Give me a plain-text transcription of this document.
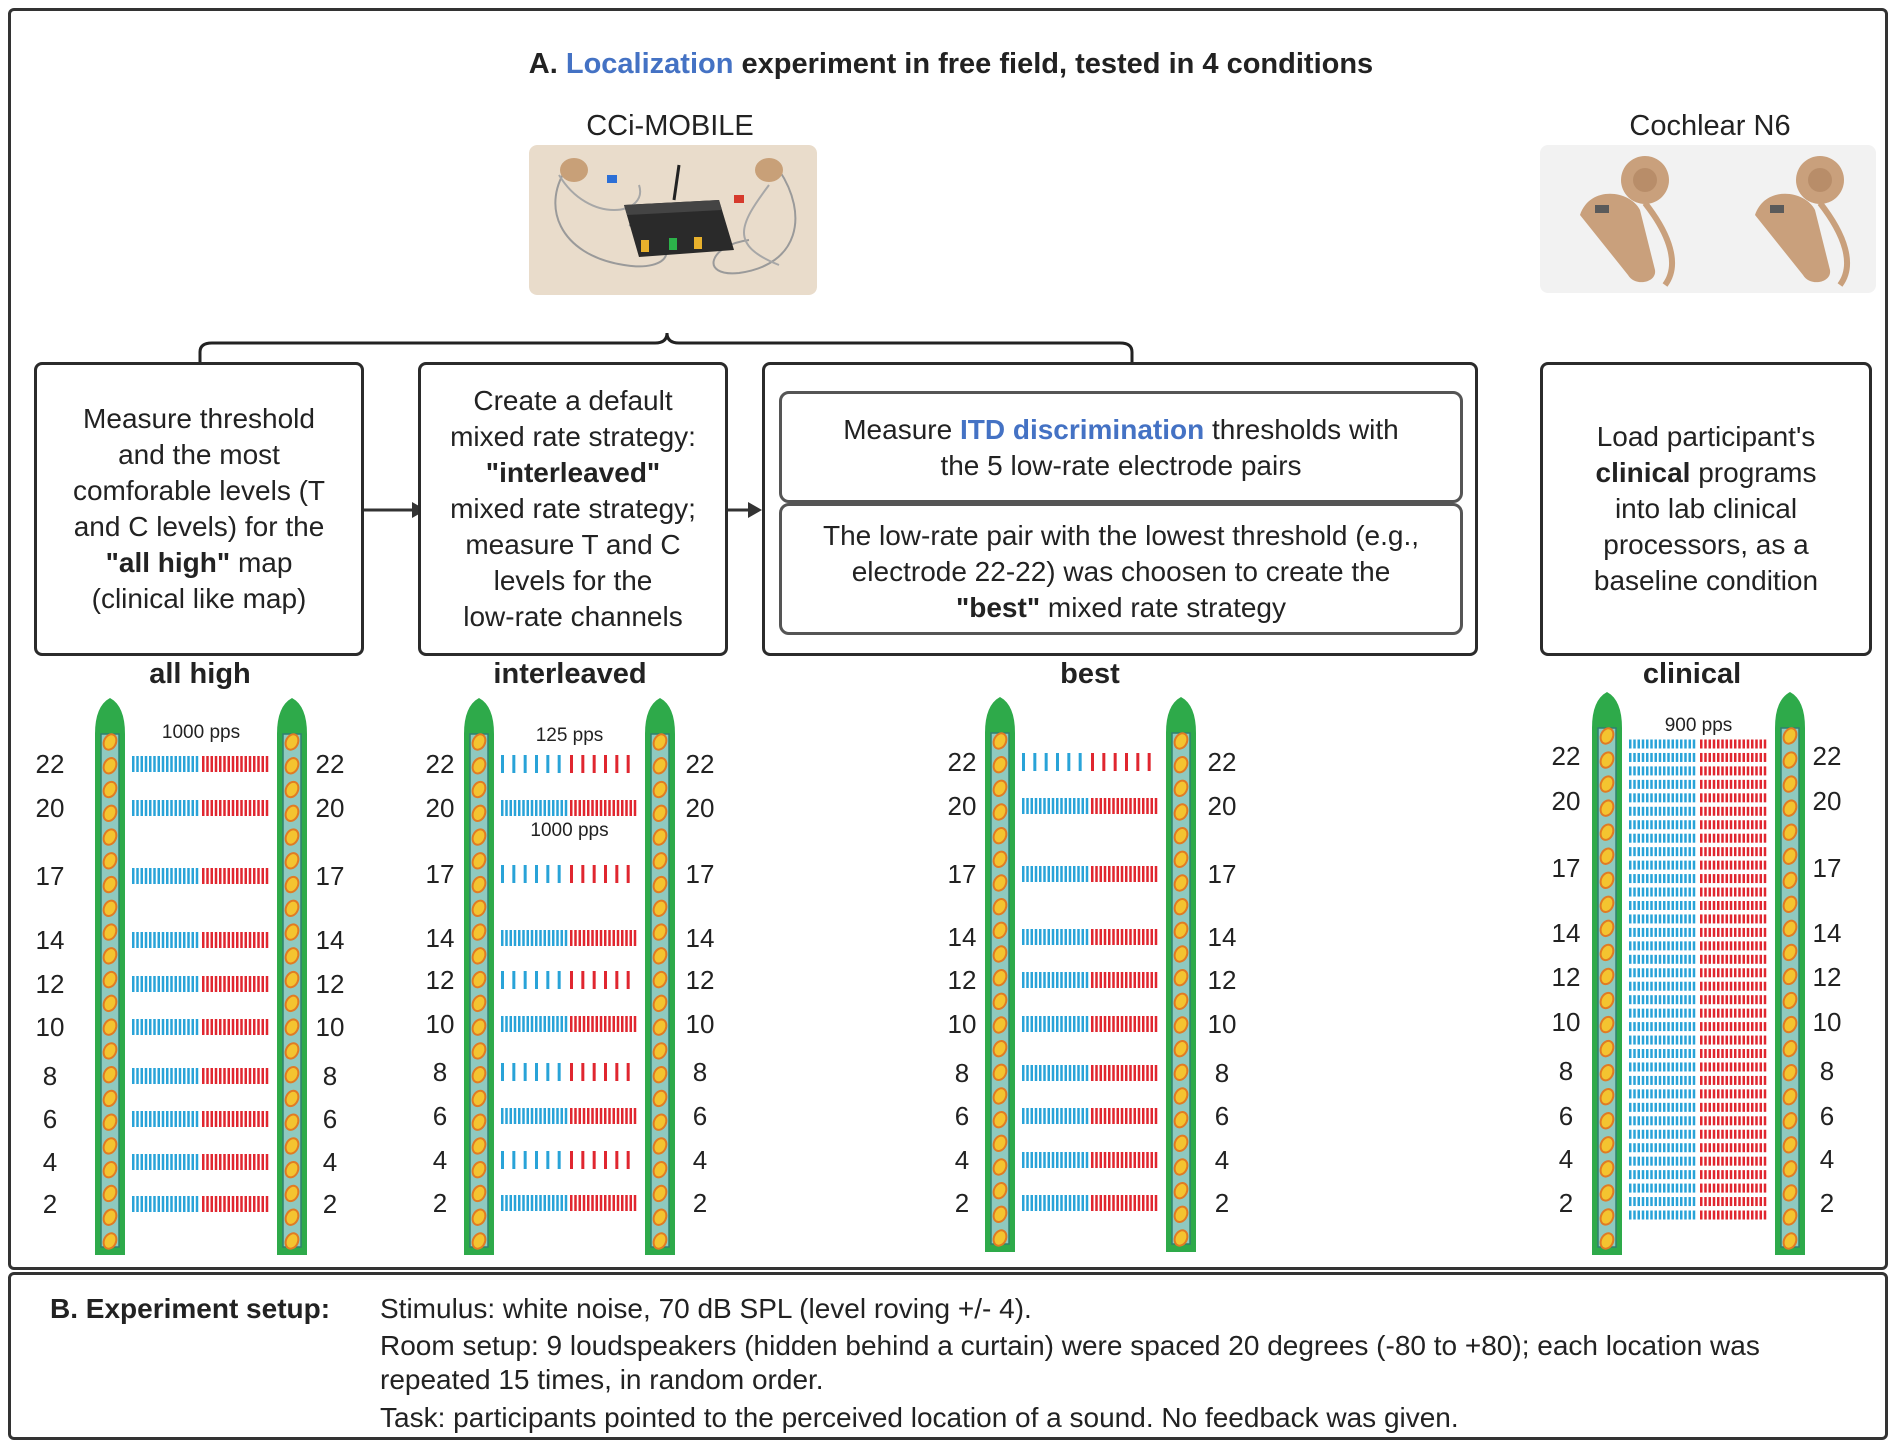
A. Localization experiment in free field, tested in 4 conditions
CCi-MOBILE	Cochlear N6
Measure threshold
and the most
comforable levels (T
and C levels) for the
"all high" map
(clinical like map)
Create a default
mixed rate strategy:
"interleaved"
mixed rate strategy;
measure T and C
levels for the
low-rate channels
Measure ITD discrimination thresholds with
the 5 low-rate electrode pairs
The low-rate pair with the lowest threshold (e.g.,
electrode 22-22) was choosen to create the
"best" mixed rate strategy
Load participant's
clinical programs
into lab clinical
processors, as a
baseline condition
all high	interleaved	best	clinical
22	22
20	20
17	17
14	14
12	12
10	10
8	8
6	6
4	4
2	2
1000 pps
22	22
20	20
17	17
14	14
12	12
10	10
8	8
6	6
4	4
2	2
125 pps
1000 pps
22	22
20	20
17	17
14	14
12	12
10	10
8	8
6	6
4	4
2	2
22	22
20	20
17	17
14	14
12	12
10	10
8	8
6	6
4	4
2	2
900 pps
B. Experiment setup: Stimulus: white noise, 70 dB SPL (level roving +/- 4).
Room setup: 9 loudspeakers (hidden behind a curtain) were spaced 20 degrees (-80 to +80); each location was
repeated 15 times, in random order.
Task: participants pointed to the perceived location of a sound. No feedback was given.
